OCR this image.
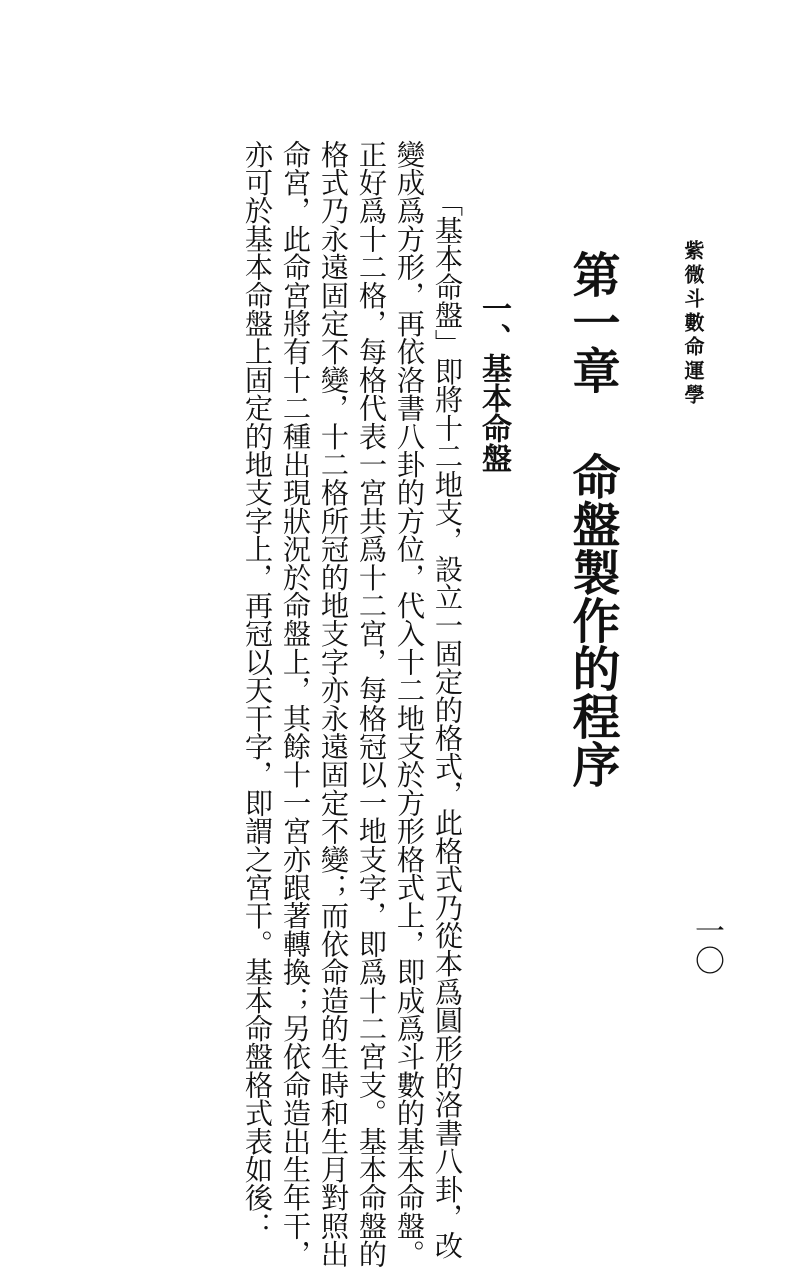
紫微斗數命運學
一〇
第一章命盤製作的程序
一、基本命盤

「基本命盤」即將十二地支，設立一固定的格式，此格式乃從本爲圓形的洛書八卦，改

變成爲方形，再依洛書八卦的方位，代入十二地支於方形格式上，即成爲斗數的基本命盤。

正好爲十二格，每格代表一宮共爲十二宮，每格冠以一地支字，即爲十二宮支。基本命盤的

格式乃永遠固定不變，十二格所冠的地支字亦永遠固定不變；而依命造的生時和生月對照出

命宮，此命宮將有十二種出現狀況於命盤上，其餘十一宮亦跟著轉換；另依命造出生年干，

亦可於基本命盤上固定的地支字上，再冠以天干字，即謂之宮干。基本命盤格式表如後：
